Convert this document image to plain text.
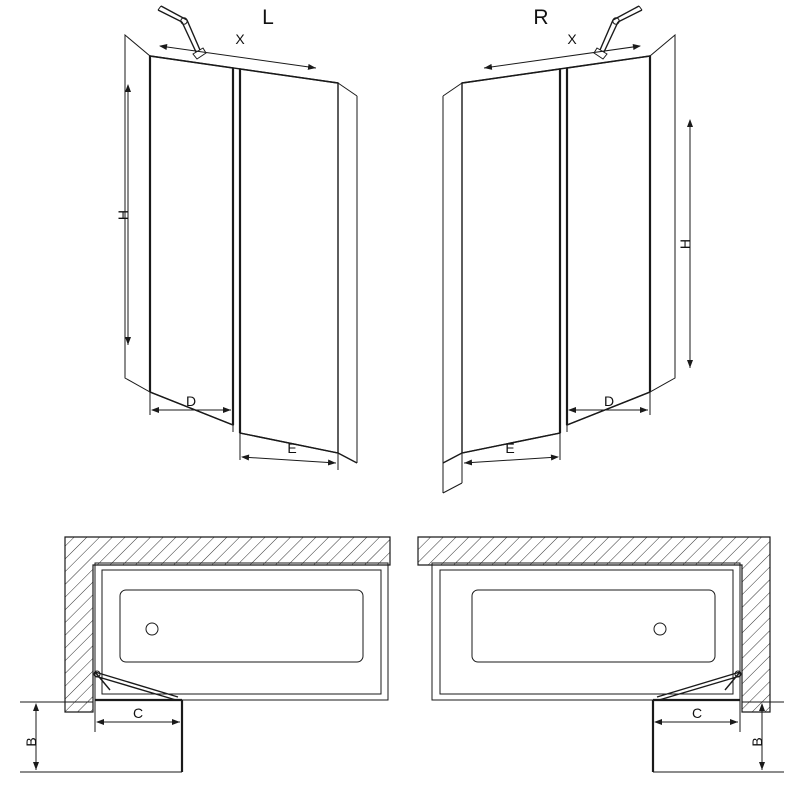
X
H
D
E
L
X
H
D
E
R
C
B
C
B
